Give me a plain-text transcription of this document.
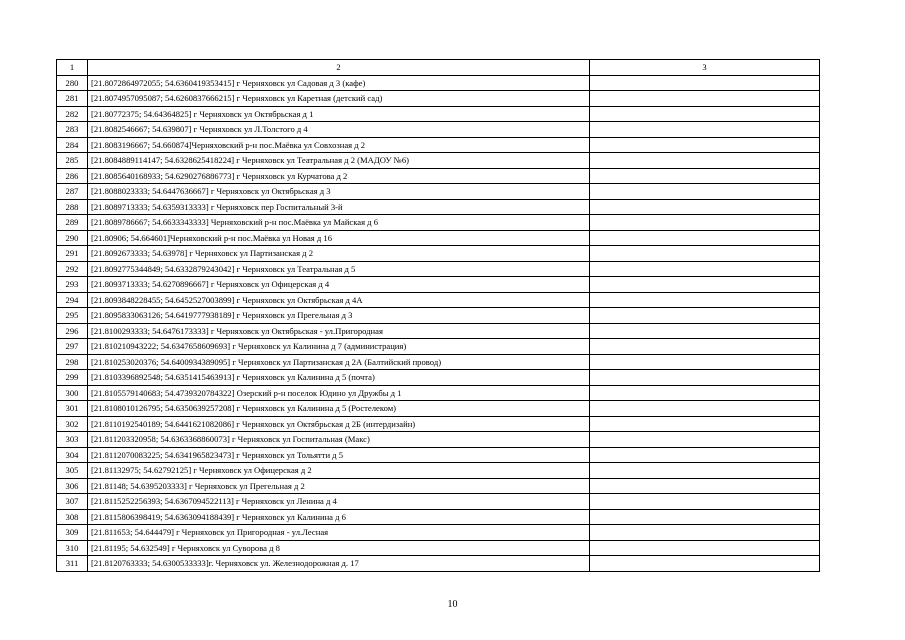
1	2	3
280	[21.8072864972055; 54.6360419353415] г Черняховск ул Садовая д 3 (кафе)	
281	[21.8074957095087; 54.6260837666215] г Черняховск ул Каретная (детский сад)	
282	[21.80772375; 54.64364825] г Черняховск ул Октябрьская д 1	
283	[21.8082546667; 54.639807] г Черняховск ул Л.Толстого д 4	
284	[21.8083196667; 54.660874]Черняховский р-н пос.Маёвка ул Совхозная д 2	
285	[21.8084889114147; 54.6328625418224] г Черняховск ул Театральная д 2 (МАДОУ №6)	
286	[21.8085640168933; 54.6290276886773] г Черняховск ул Курчатова д 2	
287	[21.8088023333; 54.6447636667] г Черняховск ул Октябрьская д 3	
288	[21.8089713333; 54.6359313333] г Черняховск пер Госпитальный 3-й	
289	[21.8089786667; 54.6633343333] Черняховский р-н пос.Маёвка ул Майская д 6	
290	[21.80906; 54.664601]Черняховский р-н пос.Маёвка ул Новая д 16	
291	[21.8092673333; 54.63978] г Черняховск ул Партизанская д 2	
292	[21.8092775344849; 54.6332879243042] г Черняховск ул Театральная д 5	
293	[21.8093713333; 54.6270896667] г Черняховск ул Офицерская д 4	
294	[21.8093848228455; 54.6452527003899] г Черняховск ул Октябрьская д 4А	
295	[21.8095833063126; 54.6419777938189] г Черняховск ул Прегельная д 3	
296	[21.8100293333; 54.6476173333] г Черняховск ул Октябрьская - ул.Пригородная	
297	[21.810210943222; 54.6347658609693] г Черняховск ул Калинина д 7 (администрация)	
298	[21.810253020376; 54.6400934389095] г Черняховск ул Партизанская д 2А (Балтийский провод)	
299	[21.8103396892548; 54.6351415463913] г Черняховск ул Калинина д 5 (почта)	
300	[21.8105579140683; 54.4739320784322] Озерский р-н поселок Юдино ул Дружбы д 1	
301	[21.8108010126795; 54.6350639257208] г Черняховск ул Калинина д 5 (Ростелеком)	
302	[21.8110192540189; 54.6441621082086] г Черняховск ул Октябрьская д 2Б (интердизайн)	
303	[21.811203320958; 54.6363368860073] г Черняховск ул Госпитальная (Макс)	
304	[21.8112070083225; 54.6341965823473] г Черняховск ул Тольятти д 5	
305	[21.81132975; 54.62792125] г Черняховск ул Офицерская д 2	
306	[21.81148; 54.6395203333] г Черняховск ул Прегельная д 2	
307	[21.8115252256393; 54.6367094522113] г Черняховск ул Ленина д 4	
308	[21.8115806398419; 54.6363094188439] г Черняховск ул Калинина д 6	
309	[21.811653; 54.644479] г Черняховск ул Пригородная - ул.Лесная	
310	[21.81195; 54.632549] г Черняховск ул Суворова д 8	
311	[21.8120763333; 54.6300533333]г. Черняховск ул. Железнодорожная д. 17	
10
